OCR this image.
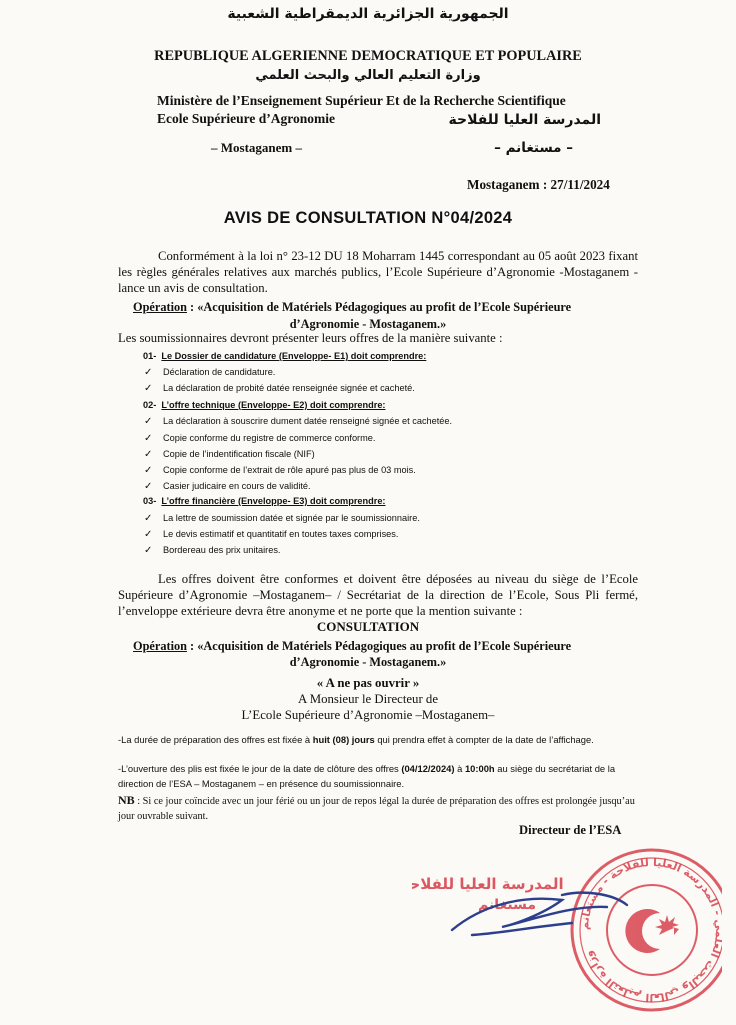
الجمهورية الجزائرية الديمقراطية الشعبية

REPUBLIQUE ALGERIENNE DEMOCRATIQUE ET POPULAIRE

وزارة التعليم العالي والبحث العلمي

Ministère de l’Enseignement Supérieur Et de la Recherche Scientifique

Ecole Supérieure d’Agronomie	المدرسة العليا للفلاحة

– Mostaganem –	– مستغانم –

Mostaganem : 27/11/2024

AVIS DE CONSULTATION N°04/2024

Conformément à la loi n° 23-12 DU 18 Moharram 1445 correspondant au 05 août 2023 fixant les règles générales relatives aux marchés publics, l’Ecole Supérieure d’Agronomie -Mostaganem - lance un avis de consultation.

Opération : «Acquisition de Matériels Pédagogiques au profit de l’Ecole Supérieure

d’Agronomie - Mostaganem.»

Les soumissionnaires devront présenter leurs offres de la manière suivante :

01- Le Dossier de candidature (Enveloppe- E1) doit comprendre:

✓ Déclaration de candidature.

✓ La déclaration de probité datée renseignée signée et cacheté.

02- L’offre technique (Enveloppe- E2) doit comprendre:

✓ La déclaration à souscrire dument datée renseigné signée et cachetée.

✓ Copie conforme du registre de commerce conforme.

✓ Copie de l’indentification fiscale (NIF)

✓ Copie conforme de l’extrait de rôle apuré pas plus de 03 mois.

✓ Casier judicaire en cours de validité.

03- L’offre financière (Enveloppe- E3) doit comprendre:

✓ La lettre de soumission datée et signée par le soumissionnaire.

✓ Le devis estimatif et quantitatif en toutes taxes comprises.

✓ Bordereau des prix unitaires.

Les offres doivent être conformes et doivent être déposées au niveau du siège de l’Ecole Supérieure d’Agronomie –Mostaganem– / Secrétariat de la direction de l’Ecole, Sous Pli fermé, l’enveloppe extérieure devra être anonyme et ne porte que la mention suivante :

CONSULTATION

Opération : «Acquisition de Matériels Pédagogiques au profit de l’Ecole Supérieure

d’Agronomie - Mostaganem.»

« A ne pas ouvrir »

A Monsieur le Directeur de

L’Ecole Supérieure d’Agronomie –Mostaganem–

-La durée de préparation des offres est fixée à huit (08) jours qui prendra effet à compter de la date de l’affichage.

-L’ouverture des plis est fixée le jour de la date de clôture des offres (04/12/2024) à 10:00h au siège du secrétariat de la direction de l’ESA – Mostaganem – en présence du soumissionnaire.

NB : Si ce jour coïncide avec un jour férié ou un jour de repos légal la durée de préparation des offres est prolongée jusqu’au jour ouvrable suivant.

Directeur de l’ESA

المدرسة العليا للفلاحة
مستغانم
وزارة التعليم العالي والبحث ال المدرسة العليا للفلاحة - مستغانم
